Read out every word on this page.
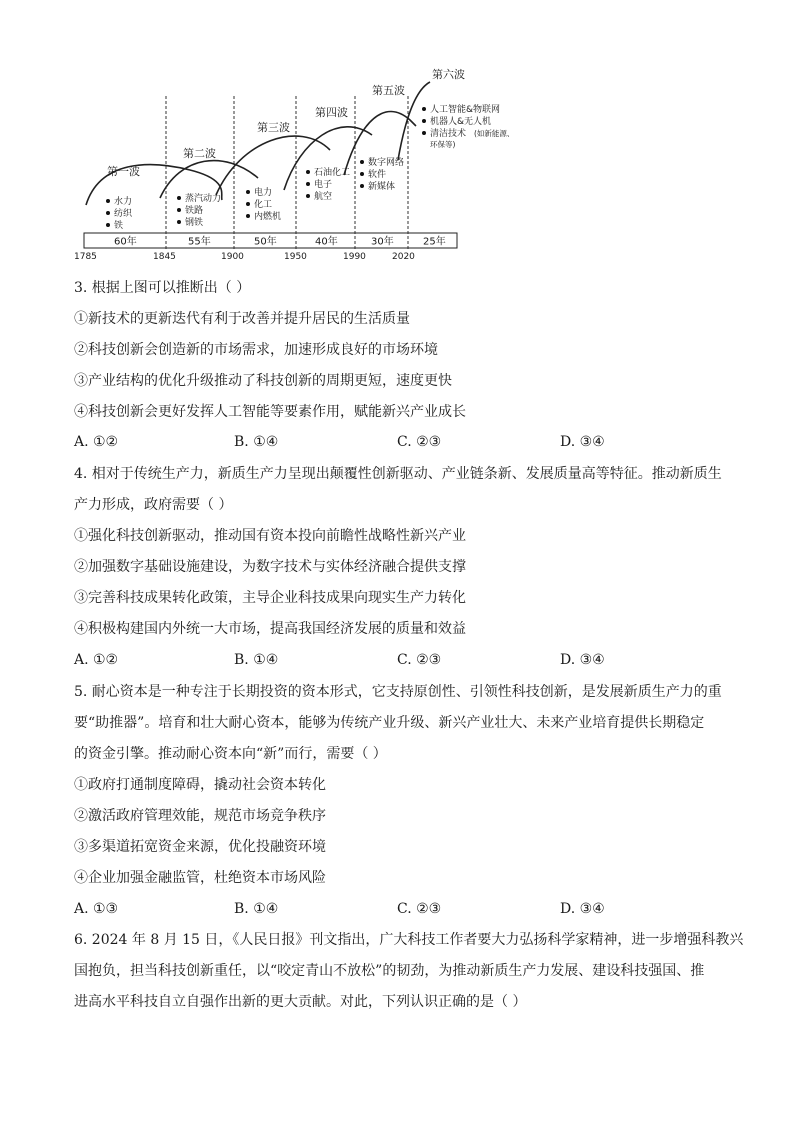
第一波
第二波
第三波
第四波
第五波
第六波
水力
纺织
铁
蒸汽动力
铁路
钢铁
电力
化工
内燃机
石油化工
电子
航空
数字网络
软件
新媒体
人工智能&物联网
机器人&无人机
清洁技术 (如新能源、
环保等)
60年	55年	50年	40年	30年	25年
1785	1845	1900	1950	1990	2020
3. 根据上图可以推断出（ ）
①新技术的更新迭代有利于改善并提升居民的生活质量
②科技创新会创造新的市场需求，加速形成良好的市场环境
③产业结构的优化升级推动了科技创新的周期更短，速度更快
④科技创新会更好发挥人工智能等要素作用，赋能新兴产业成长
A. ①②	B. ①④	C. ②③	D. ③④
4. 相对于传统生产力，新质生产力呈现出颠覆性创新驱动、产业链条新、发展质量高等特征。推动新质生
产力形成，政府需要（ ）
①强化科技创新驱动，推动国有资本投向前瞻性战略性新兴产业
②加强数字基础设施建设，为数字技术与实体经济融合提供支撑
③完善科技成果转化政策，主导企业科技成果向现实生产力转化
④积极构建国内外统一大市场，提高我国经济发展的质量和效益
A. ①②	B. ①④	C. ②③	D. ③④
5. 耐心资本是一种专注于长期投资的资本形式，它支持原创性、引领性科技创新，是发展新质生产力的重
要“助推器”。培育和壮大耐心资本，能够为传统产业升级、新兴产业壮大、未来产业培育提供长期稳定
的资金引擎。推动耐心资本向“新”而行，需要（ ）
①政府打通制度障碍，撬动社会资本转化
②激活政府管理效能，规范市场竞争秩序
③多渠道拓宽资金来源，优化投融资环境
④企业加强金融监管，杜绝资本市场风险
A. ①③	B. ①④	C. ②③	D. ③④
6. 2024 年 8 月 15 日，《人民日报》刊文指出，广大科技工作者要大力弘扬科学家精神，进一步增强科教兴
国抱负，担当科技创新重任，以“咬定青山不放松”的韧劲，为推动新质生产力发展、建设科技强国、推
进高水平科技自立自强作出新的更大贡献。对此，下列认识正确的是（ ）
